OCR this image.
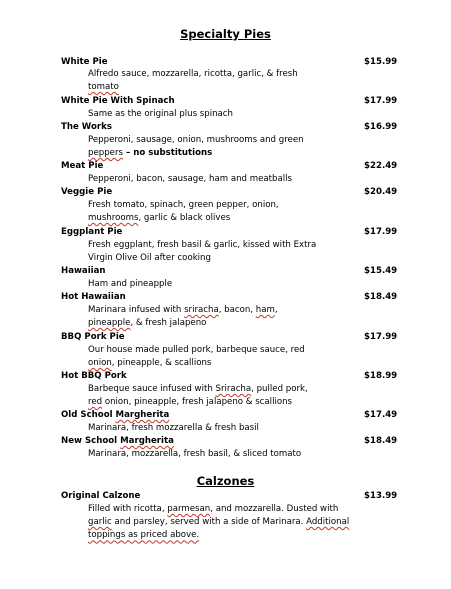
Specialty Pies
White Pie	$15.99
Alfredo sauce, mozzarella, ricotta, garlic, & fresh
tomato
White Pie With Spinach	$17.99
Same as the original plus spinach
The Works	$16.99
Pepperoni, sausage, onion, mushrooms and green
peppers – no substitutions
Meat Pie	$22.49
Pepperoni, bacon, sausage, ham and meatballs
Veggie Pie	$20.49
Fresh tomato, spinach, green pepper, onion,
mushrooms, garlic & black olives
Eggplant Pie	$17.99
Fresh eggplant, fresh basil & garlic, kissed with Extra
Virgin Olive Oil after cooking
Hawaiian	$15.49
Ham and pineapple
Hot Hawaiian	$18.49
Marinara infused with sriracha, bacon, ham,
pineapple, & fresh jalapeno
BBQ Pork Pie	$17.99
Our house made pulled pork, barbeque sauce, red
onion, pineapple, & scallions
Hot BBQ Pork	$18.99
Barbeque sauce infused with Sriracha, pulled pork,
red onion, pineapple, fresh jalapeno & scallions
Old School Margherita	$17.49
Marinara, fresh mozzarella & fresh basil
New School Margherita	$18.49
Marinara, mozzarella, fresh basil, & sliced tomato
Calzones
Original Calzone	$13.99
Filled with ricotta, parmesan, and mozzarella. Dusted with
garlic and parsley, served with a side of Marinara. Additional
toppings as priced above.
